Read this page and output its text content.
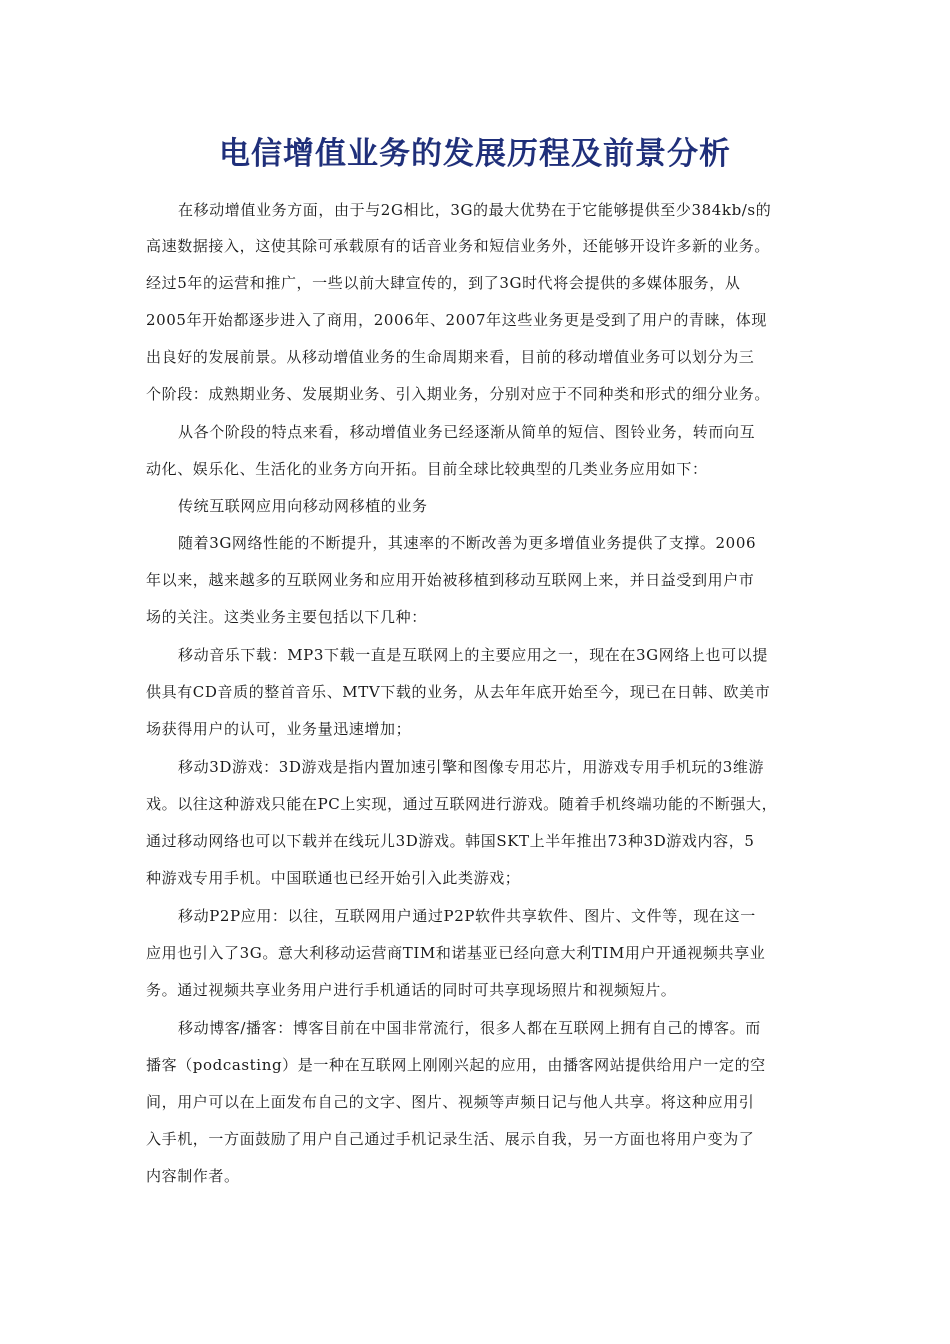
电信增值业务的发展历程及前景分析
在移动增值业务方面，由于与2G相比，3G的最大优势在于它能够提供至少384kb/s的
高速数据接入，这使其除可承载原有的话音业务和短信业务外，还能够开设许多新的业务。
经过5年的运营和推广，一些以前大肆宣传的，到了3G时代将会提供的多媒体服务，从
2005年开始都逐步进入了商用，2006年、2007年这些业务更是受到了用户的青睐，体现
出良好的发展前景。从移动增值业务的生命周期来看，目前的移动增值业务可以划分为三
个阶段：成熟期业务、发展期业务、引入期业务，分别对应于不同种类和形式的细分业务。
从各个阶段的特点来看，移动增值业务已经逐渐从简单的短信、图铃业务，转而向互
动化、娱乐化、生活化的业务方向开拓。目前全球比较典型的几类业务应用如下：
传统互联网应用向移动网移植的业务
随着3G网络性能的不断提升，其速率的不断改善为更多增值业务提供了支撑。2006
年以来，越来越多的互联网业务和应用开始被移植到移动互联网上来，并日益受到用户市
场的关注。这类业务主要包括以下几种：
移动音乐下载：MP3下载一直是互联网上的主要应用之一，现在在3G网络上也可以提
供具有CD音质的整首音乐、MTV下载的业务，从去年年底开始至今，现已在日韩、欧美市
场获得用户的认可，业务量迅速增加；
移动3D游戏：3D游戏是指内置加速引擎和图像专用芯片，用游戏专用手机玩的3维游
戏。以往这种游戏只能在PC上实现，通过互联网进行游戏。随着手机终端功能的不断强大，
通过移动网络也可以下载并在线玩儿3D游戏。韩国SKT上半年推出73种3D游戏内容，5
种游戏专用手机。中国联通也已经开始引入此类游戏；
移动P2P应用：以往，互联网用户通过P2P软件共享软件、图片、文件等，现在这一
应用也引入了3G。意大利移动运营商TIM和诺基亚已经向意大利TIM用户开通视频共享业
务。通过视频共享业务用户进行手机通话的同时可共享现场照片和视频短片。
移动博客/播客：博客目前在中国非常流行，很多人都在互联网上拥有自己的博客。而
播客（podcasting）是一种在互联网上刚刚兴起的应用，由播客网站提供给用户一定的空
间，用户可以在上面发布自己的文字、图片、视频等声频日记与他人共享。将这种应用引
入手机，一方面鼓励了用户自己通过手机记录生活、展示自我，另一方面也将用户变为了
内容制作者。
